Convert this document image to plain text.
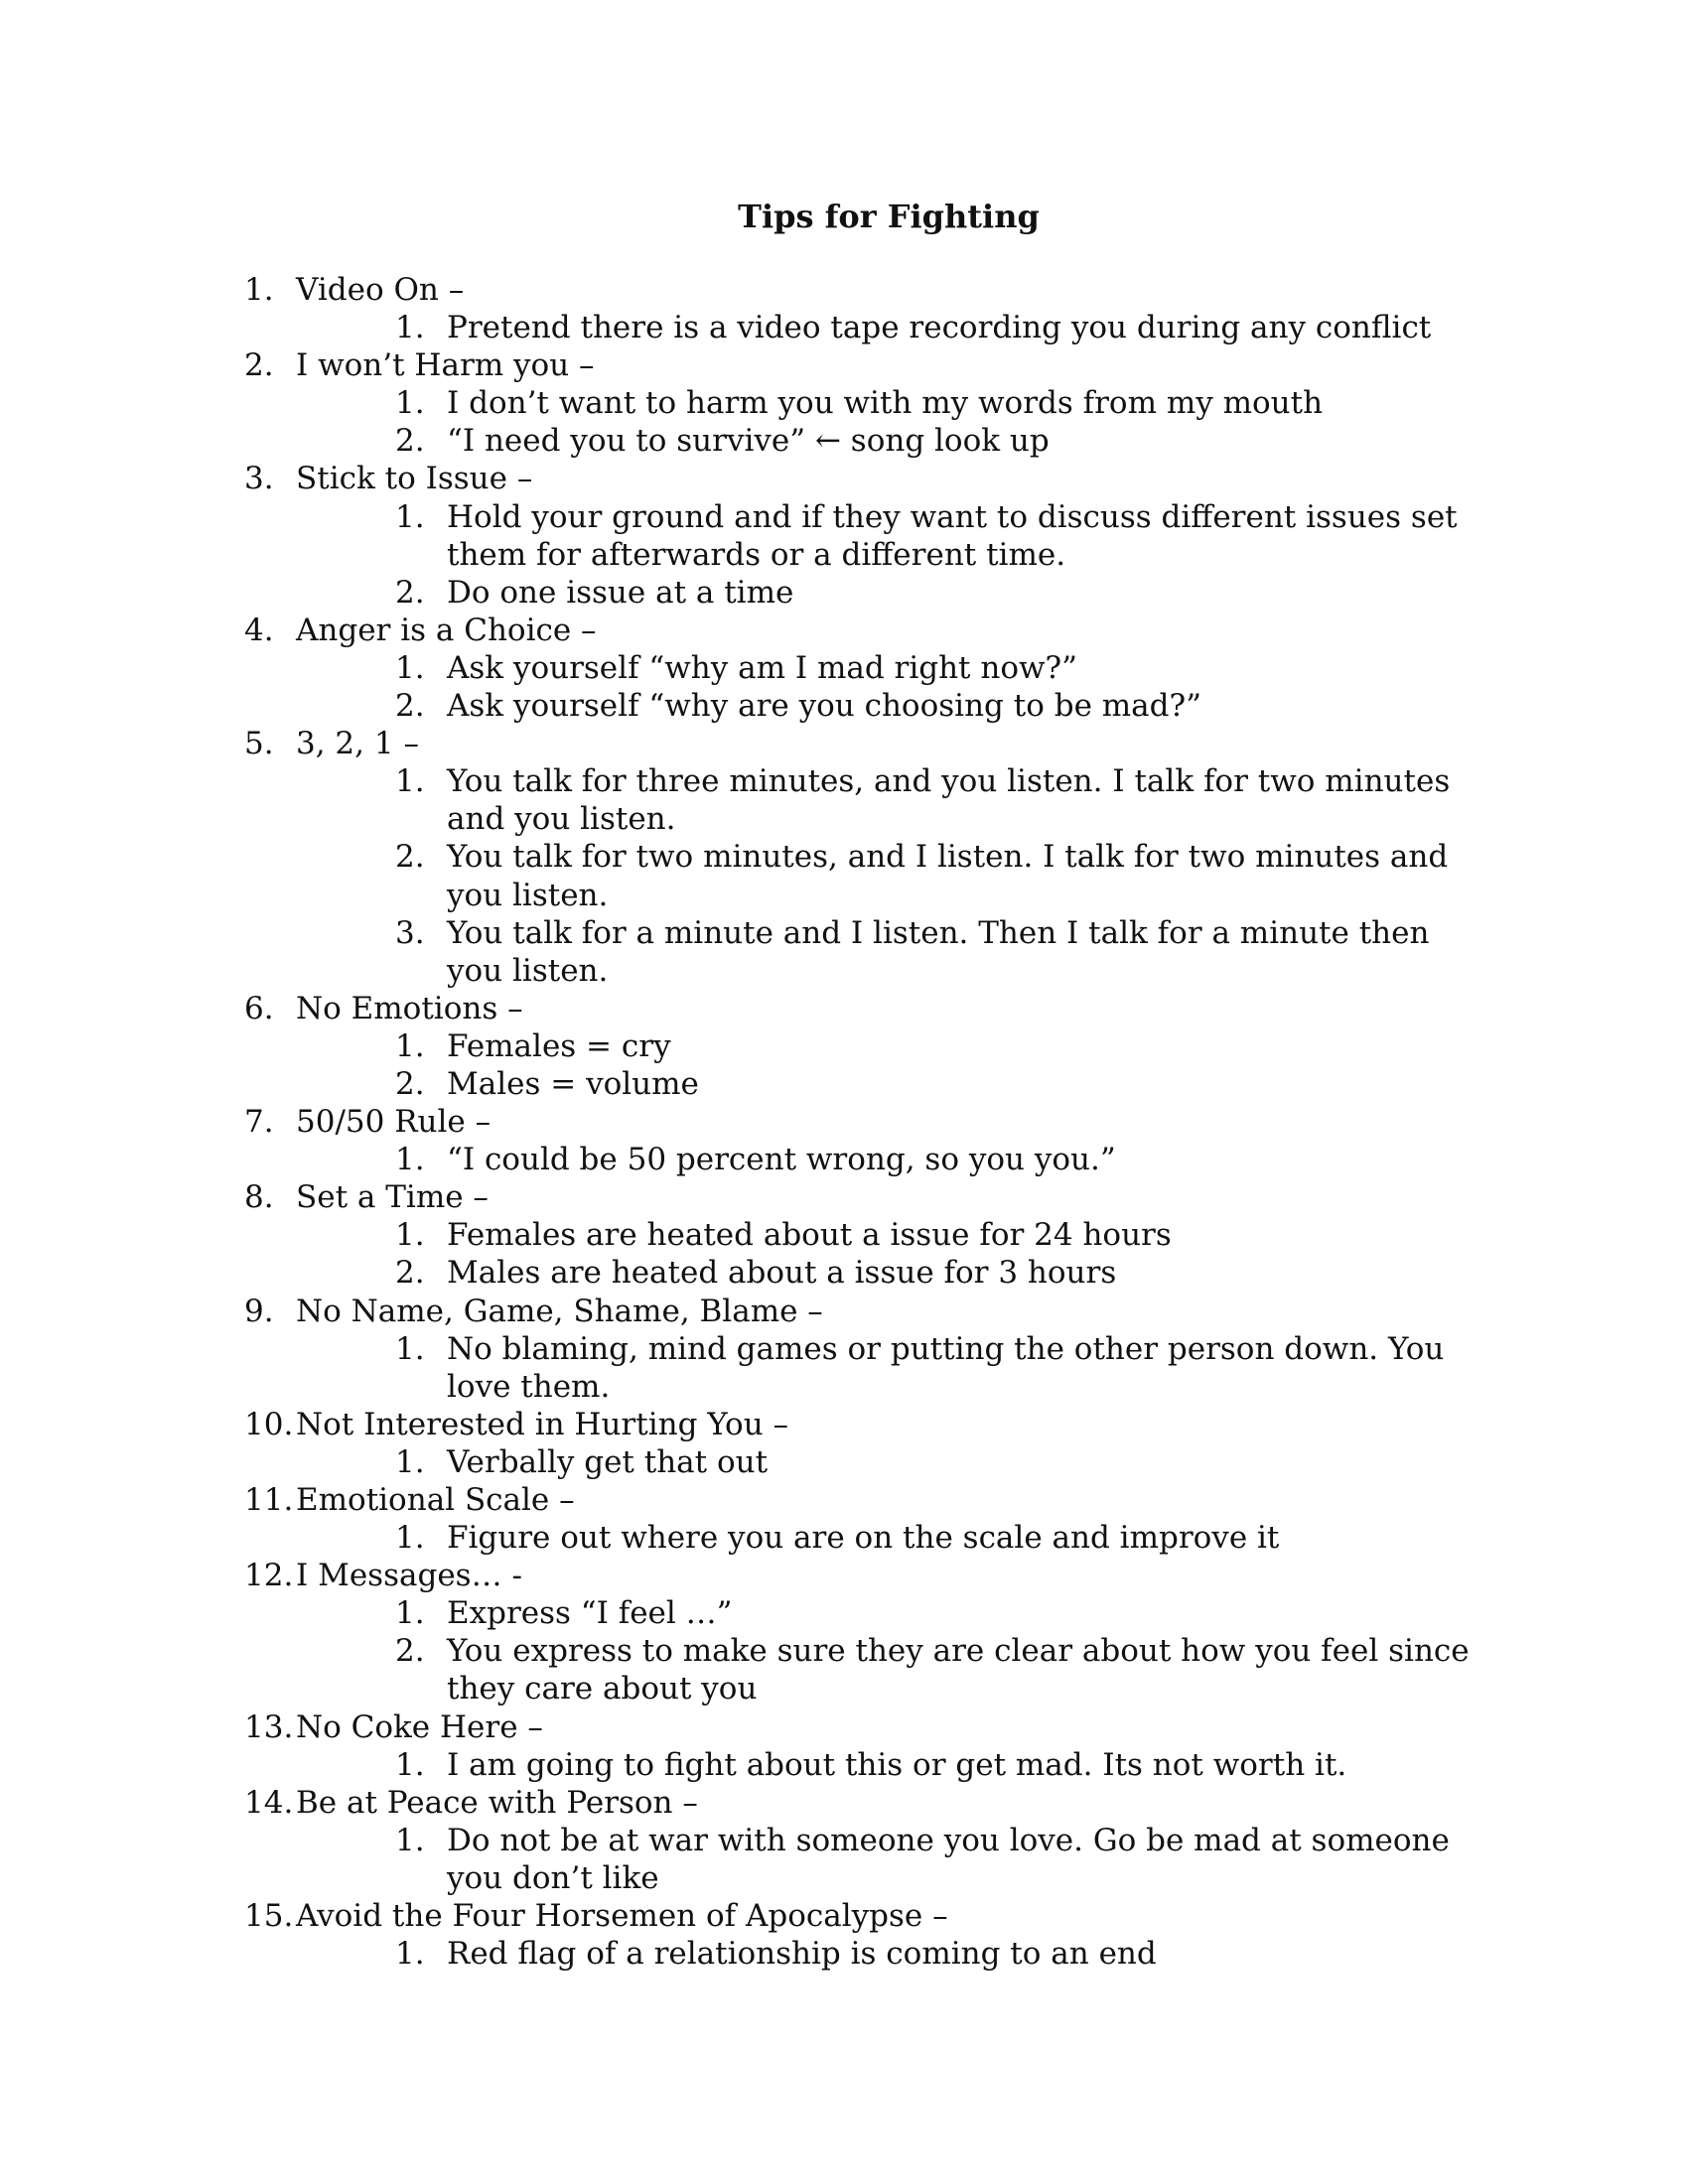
Tips for Fighting
1. Video On –
1. Pretend there is a video tape recording you during any conflict
2. I won’t Harm you –
1. I don’t want to harm you with my words from my mouth
2. “I need you to survive” ← song look up
3. Stick to Issue –
1. Hold your ground and if they want to discuss different issues set them for afterwards or a different time.
2. Do one issue at a time
4. Anger is a Choice –
1. Ask yourself “why am I mad right now?”
2. Ask yourself “why are you choosing to be mad?”
5. 3, 2, 1 –
1. You talk for three minutes, and you listen. I talk for two minutes and you listen.
2. You talk for two minutes, and I listen. I talk for two minutes and you listen.
3. You talk for a minute and I listen. Then I talk for a minute then you listen.
6. No Emotions –
1. Females = cry
2. Males = volume
7. 50/50 Rule –
1. “I could be 50 percent wrong, so you you.”
8. Set a Time –
1. Females are heated about a issue for 24 hours
2. Males are heated about a issue for 3 hours
9. No Name, Game, Shame, Blame –
1. No blaming, mind games or putting the other person down. You love them.
10. Not Interested in Hurting You –
1. Verbally get that out
11. Emotional Scale –
1. Figure out where you are on the scale and improve it
12. I Messages… -
1. Express “I feel …”
2. You express to make sure they are clear about how you feel since they care about you
13. No Coke Here –
1. I am going to fight about this or get mad. Its not worth it.
14. Be at Peace with Person –
1. Do not be at war with someone you love. Go be mad at someone you don’t like
15. Avoid the Four Horsemen of Apocalypse –
1. Red flag of a relationship is coming to an end
